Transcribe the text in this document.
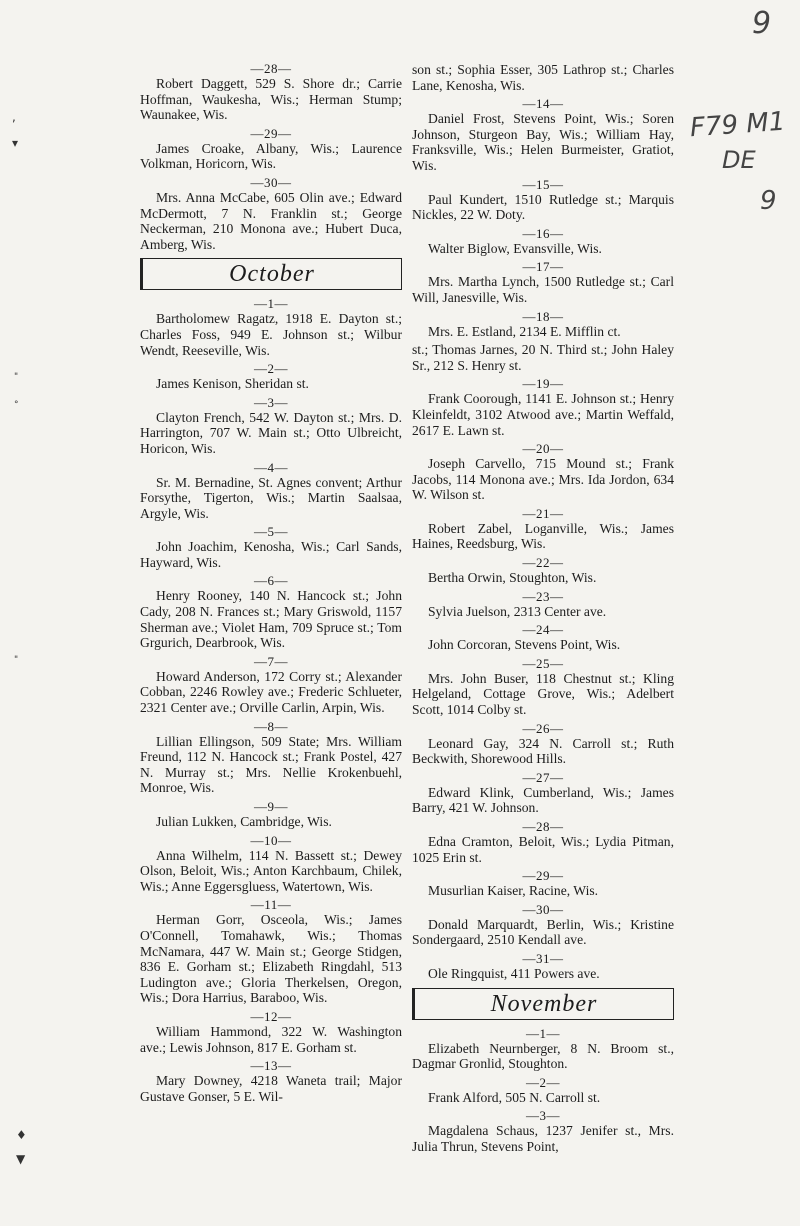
9
F79 M1
DE
9
,
▾
"
°
"
♦
▼

—28—

Robert Daggett, 529 S. Shore dr.; Carrie Hoffman, Waukesha, Wis.; Herman Stump; Waunakee, Wis.

—29—

James Croake, Albany, Wis.; Laurence Volkman, Horicorn, Wis.

—30—

Mrs. Anna McCabe, 605 Olin ave.; Edward McDermott, 7 N. Franklin st.; George Neckerman, 210 Monona ave.; Hubert Duca, Amberg, Wis.

October

—1—

Bartholomew Ragatz, 1918 E. Dayton st.; Charles Foss, 949 E. Johnson st.; Wilbur Wendt, Reeseville, Wis.

—2—

James Kenison, Sheridan st.

—3—

Clayton French, 542 W. Dayton st.; Mrs. D. Harrington, 707 W. Main st.; Otto Ulbreicht, Horicon, Wis.

—4—

Sr. M. Bernadine, St. Agnes convent; Arthur Forsythe, Tigerton, Wis.; Martin Saalsaa, Argyle, Wis.

—5—

John Joachim, Kenosha, Wis.; Carl Sands, Hayward, Wis.

—6—

Henry Rooney, 140 N. Hancock st.; John Cady, 208 N. Frances st.; Mary Griswold, 1157 Sherman ave.; Violet Ham, 709 Spruce st.; Tom Grgurich, Dearbrook, Wis.

—7—

Howard Anderson, 172 Corry st.; Alexander Cobban, 2246 Rowley ave.; Frederic Schlueter, 2321 Center ave.; Orville Carlin, Arpin, Wis.

—8—

Lillian Ellingson, 509 State; Mrs. William Freund, 112 N. Hancock st.; Frank Postel, 427 N. Murray st.; Mrs. Nellie Krokenbuehl, Monroe, Wis.

—9—

Julian Lukken, Cambridge, Wis.

—10—

Anna Wilhelm, 114 N. Bassett st.; Dewey Olson, Beloit, Wis.; Anton Karchbaum, Chilek, Wis.; Anne Eggersgluess, Watertown, Wis.

—11—

Herman Gorr, Osceola, Wis.; James O'Connell, Tomahawk, Wis.; Thomas McNamara, 447 W. Main st.; George Stidgen, 836 E. Gorham st.; Elizabeth Ringdahl, 513 Ludington ave.; Gloria Therkelsen, Oregon, Wis.; Dora Harrius, Baraboo, Wis.

—12—

William Hammond, 322 W. Washington ave.; Lewis Johnson, 817 E. Gorham st.

—13—

Mary Downey, 4218 Waneta trail; Major Gustave Gonser, 5 E. Wil-

son st.; Sophia Esser, 305 Lathrop st.; Charles Lane, Kenosha, Wis.

—14—

Daniel Frost, Stevens Point, Wis.; Soren Johnson, Sturgeon Bay, Wis.; William Hay, Franksville, Wis.; Helen Burmeister, Gratiot, Wis.

—15—

Paul Kundert, 1510 Rutledge st.; Marquis Nickles, 22 W. Doty.

—16—

Walter Biglow, Evansville, Wis.

—17—

Mrs. Martha Lynch, 1500 Rutledge st.; Carl Will, Janesville, Wis.

—18—

Mrs. E. Estland, 2134 E. Mifflin ct.

st.; Thomas Jarnes, 20 N. Third st.; John Haley Sr., 212 S. Henry st.

—19—

Frank Coorough, 1141 E. Johnson st.; Henry Kleinfeldt, 3102 Atwood ave.; Martin Weffald, 2617 E. Lawn st.

—20—

Joseph Carvello, 715 Mound st.; Frank Jacobs, 114 Monona ave.; Mrs. Ida Jordon, 634 W. Wilson st.

—21—

Robert Zabel, Loganville, Wis.; James Haines, Reedsburg, Wis.

—22—

Bertha Orwin, Stoughton, Wis.

—23—

Sylvia Juelson, 2313 Center ave.

—24—

John Corcoran, Stevens Point, Wis.

—25—

Mrs. John Buser, 118 Chestnut st.; Kling Helgeland, Cottage Grove, Wis.; Adelbert Scott, 1014 Colby st.

—26—

Leonard Gay, 324 N. Carroll st.; Ruth Beckwith, Shorewood Hills.

—27—

Edward Klink, Cumberland, Wis.; James Barry, 421 W. Johnson.

—28—

Edna Cramton, Beloit, Wis.; Lydia Pitman, 1025 Erin st.

—29—

Musurlian Kaiser, Racine, Wis.

—30—

Donald Marquardt, Berlin, Wis.; Kristine Sondergaard, 2510 Kendall ave.

—31—

Ole Ringquist, 411 Powers ave.

November

—1—

Elizabeth Neurnberger, 8 N. Broom st., Dagmar Gronlid, Stoughton.

—2—

Frank Alford, 505 N. Carroll st.

—3—

Magdalena Schaus, 1237 Jenifer st., Mrs. Julia Thrun, Stevens Point,
